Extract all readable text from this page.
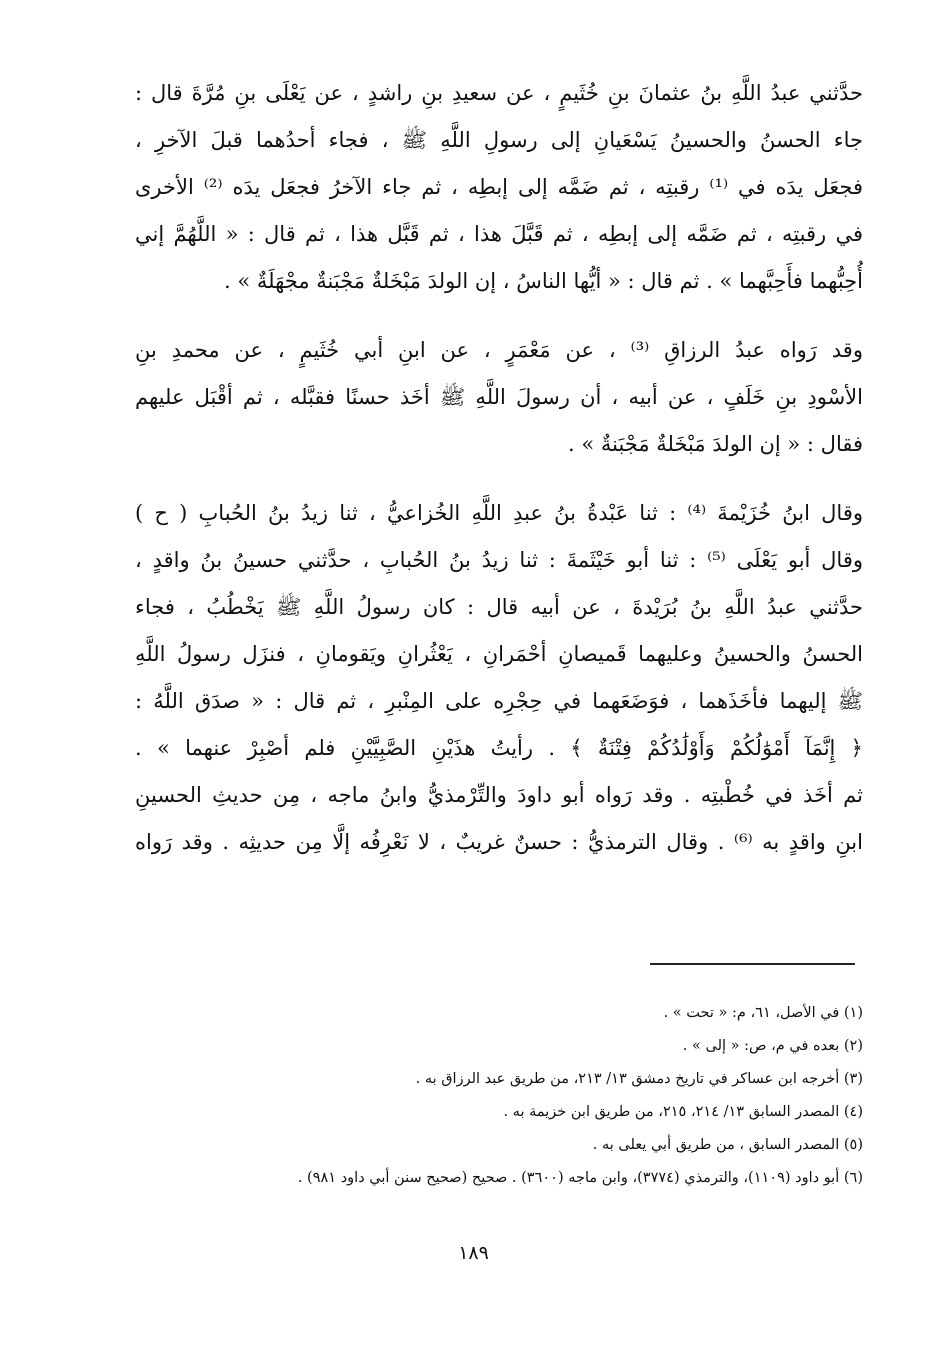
حدَّثني عبدُ اللَّهِ بنُ عثمانَ بنِ خُثَيمٍ ، عن سعيدِ بنِ راشدٍ ، عن يَعْلَى بنِ مُرَّةَ قال :
جاء الحسنُ والحسينُ يَسْعَيانِ إلى رسولِ اللَّهِ ﷺ ، فجاء أحدُهما قبلَ الآخرِ ،
فجعَل يدَه في ⁽¹⁾ رقبتِه ، ثم ضَمَّه إلى إبطِه ، ثم جاء الآخرُ فجعَل يدَه ⁽²⁾ الأخرى
في رقبتِه ، ثم ضَمَّه إلى إبطِه ، ثم قَبَّلَ هذا ، ثم قَبَّل هذا ، ثم قال : « اللَّهُمَّ إني
أُحِبُّهما فأَحِبَّهما » . ثم قال : « أيُّها الناسُ ، إن الولدَ مَبْخَلةٌ مَجْبَنةٌ مجْهَلَةٌ » .
وقد رَواه عبدُ الرزاقِ ⁽³⁾ ، عن مَعْمَرٍ ، عن ابنِ أبي خُثَيمٍ ، عن محمدِ بنِ
الأسْودِ بنِ خَلَفٍ ، عن أبيه ، أن رسولَ اللَّهِ ﷺ أخَذ حسنًا فقبَّله ، ثم أقْبَل عليهم
فقال : « إن الولدَ مَبْخَلةٌ مَجْبَنةٌ » .
وقال ابنُ خُزَيْمةَ ⁽⁴⁾ : ثنا عَبْدةُ بنُ عبدِ اللَّهِ الخُزاعيُّ ، ثنا زيدُ بنُ الحُبابِ ( ح )
وقال أبو يَعْلَى ⁽⁵⁾ : ثنا أبو خَيْثَمةَ : ثنا زيدُ بنُ الحُبابِ ، حدَّثني حسينُ بنُ واقدٍ ،
حدَّثني عبدُ اللَّهِ بنُ بُرَيْدةَ ، عن أبيه قال : كان رسولُ اللَّهِ ﷺ يَخْطُبُ ، فجاء
الحسنُ والحسينُ وعليهما قَميصانِ أحْمَرانِ ، يَعْثُرانِ ويَقومانِ ، فنزَل رسولُ اللَّهِ
ﷺ إليهما فأخَذَهما ، فوَضَعَهما في حِجْرِه على المِنْبرِ ، ثم قال : « صدَق اللَّهُ :
﴿ إِنَّمَآ أَمْوَٰلُكُمْ وَأَوْلَٰدُكُمْ فِتْنَةٌ ﴾ . رأيتُ هذَيْنِ الصَّبِيَّيْنِ فلم أصْبِرْ عنهما » .
ثم أخَذ في خُطْبتِه . وقد رَواه أبو داودَ والتِّرْمذيُّ وابنُ ماجه ، مِن حديثِ الحسينِ
ابنِ واقدٍ به ⁽⁶⁾ . وقال الترمذيُّ : حسنٌ غريبٌ ، لا نَعْرِفُه إلَّا مِن حديثِه . وقد رَواه
(١) في الأصل، ٦١، م: « تحت » .
(٢) بعده في م، ص: « إلى » .
(٣) أخرجه ابن عساكر في تاريخ دمشق ١٣/ ٢١٣، من طريق عبد الرزاق به .
(٤) المصدر السابق ١٣/ ٢١٤، ٢١٥، من طريق ابن خزيمة به .
(٥) المصدر السابق ، من طريق أبي يعلى به .
(٦) أبو داود (١١٠٩)، والترمذي (٣٧٧٤)، وابن ماجه (٣٦٠٠) . صحيح (صحيح سنن أبي داود ٩٨١) .
١٨٩
